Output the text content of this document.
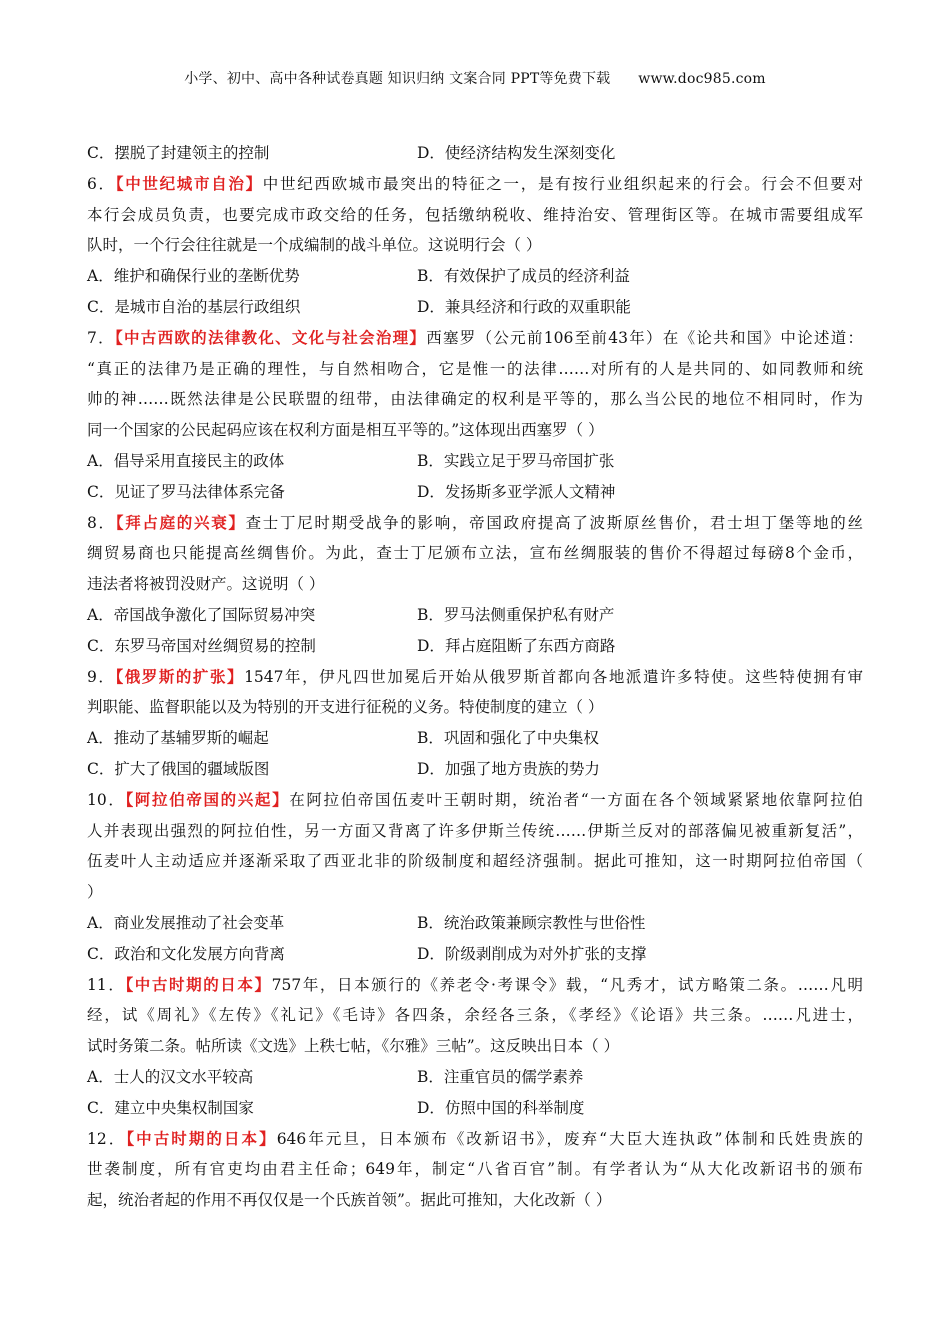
小学、初中、高中各种试卷真题 知识归纳 文案合同 PPT等免费下载      www.doc985.com
C．摆脱了封建领主的控制	D．使经济结构发生深刻变化
6．【中世纪城市自治】中世纪西欧城市最突出的特征之一，是有按行业组织起来的行会。行会不但要对
本行会成员负责，也要完成市政交给的任务，包括缴纳税收、维持治安、管理街区等。在城市需要组成军
队时，一个行会往往就是一个成编制的战斗单位。这说明行会（ ）
A．维护和确保行业的垄断优势	B．有效保护了成员的经济利益
C．是城市自治的基层行政组织	D．兼具经济和行政的双重职能
7．【中古西欧的法律教化、文化与社会治理】西塞罗（公元前106至前43年）在《论共和国》中论述道：
“真正的法律乃是正确的理性，与自然相吻合，它是惟一的法律……对所有的人是共同的、如同教师和统
帅的神……既然法律是公民联盟的纽带，由法律确定的权利是平等的，那么当公民的地位不相同时，作为
同一个国家的公民起码应该在权利方面是相互平等的。”这体现出西塞罗（ ）
A．倡导采用直接民主的政体	B．实践立足于罗马帝国扩张
C．见证了罗马法律体系完备	D．发扬斯多亚学派人文精神
8．【拜占庭的兴衰】查士丁尼时期受战争的影响，帝国政府提高了波斯原丝售价，君士坦丁堡等地的丝
绸贸易商也只能提高丝绸售价。为此，查士丁尼颁布立法，宣布丝绸服装的售价不得超过每磅8个金币，
违法者将被罚没财产。这说明（ ）
A．帝国战争激化了国际贸易冲突	B．罗马法侧重保护私有财产
C．东罗马帝国对丝绸贸易的控制	D．拜占庭阻断了东西方商路
9．【俄罗斯的扩张】1547年，伊凡四世加冕后开始从俄罗斯首都向各地派遣许多特使。这些特使拥有审
判职能、监督职能以及为特别的开支进行征税的义务。特使制度的建立（ ）
A．推动了基辅罗斯的崛起	B．巩固和强化了中央集权
C．扩大了俄国的疆域版图	D．加强了地方贵族的势力
10．【阿拉伯帝国的兴起】在阿拉伯帝国伍麦叶王朝时期，统治者“一方面在各个领域紧紧地依靠阿拉伯
人并表现出强烈的阿拉伯性，另一方面又背离了许多伊斯兰传统……伊斯兰反对的部落偏见被重新复活”，
伍麦叶人主动适应并逐渐采取了西亚北非的阶级制度和超经济强制。据此可推知，这一时期阿拉伯帝国（
）
A．商业发展推动了社会变革	B．统治政策兼顾宗教性与世俗性
C．政治和文化发展方向背离	D．阶级剥削成为对外扩张的支撑
11．【中古时期的日本】757年，日本颁行的《养老令·考课令》载，“凡秀才，试方略策二条。……凡明
经，试《周礼》《左传》《礼记》《毛诗》各四条，余经各三条，《孝经》《论语》共三条。……凡进士，
试时务策二条。帖所读《文选》上秩七帖，《尔雅》三帖”。这反映出日本（ ）
A．士人的汉文水平较高	B．注重官员的儒学素养
C．建立中央集权制国家	D．仿照中国的科举制度
12．【中古时期的日本】646年元旦，日本颁布《改新诏书》，废弃“大臣大连执政”体制和氏姓贵族的
世袭制度，所有官吏均由君主任命；649年，制定“八省百官”制。有学者认为“从大化改新诏书的颁布
起，统治者起的作用不再仅仅是一个氏族首领”。据此可推知，大化改新（ ）
